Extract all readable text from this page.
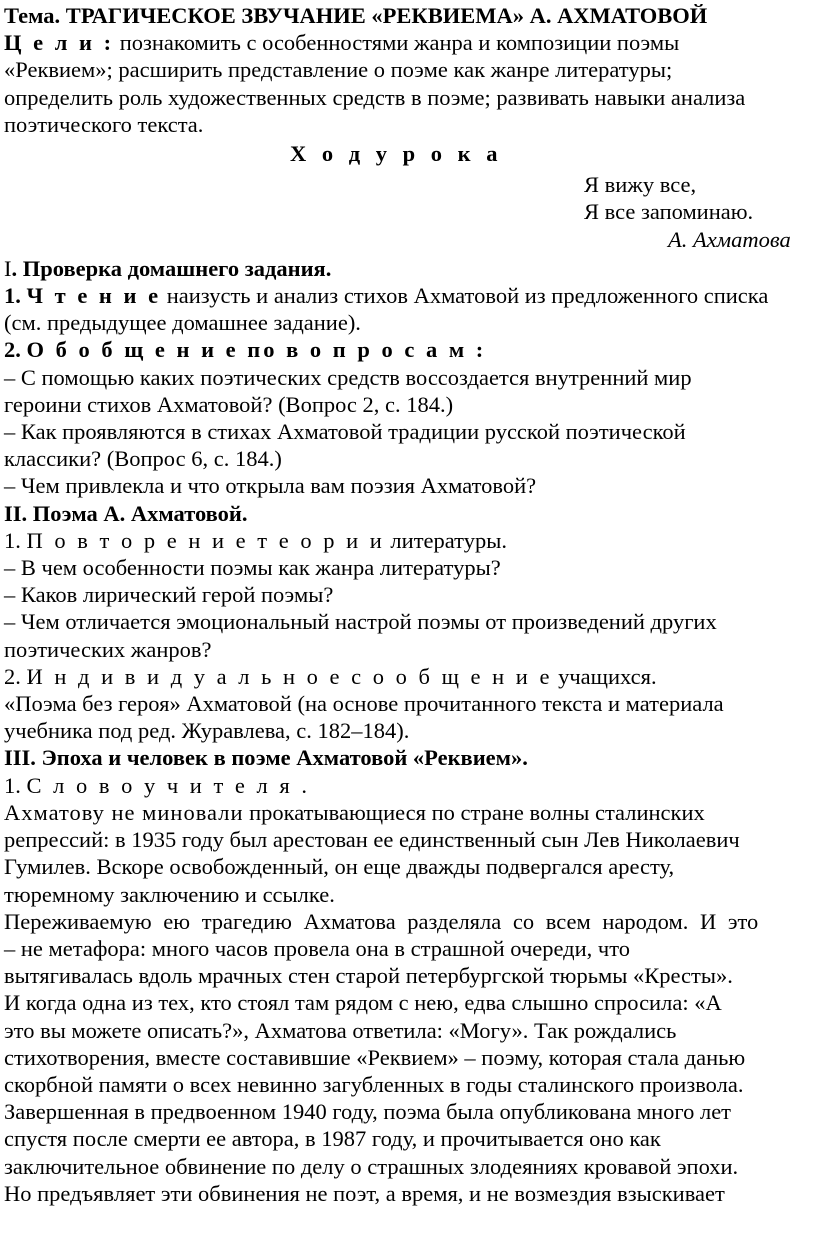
Тема. ТРАГИЧЕСКОЕ ЗВУЧАНИЕ «РЕКВИЕМА» А. АХМАТОВОЙ

Ц е л и : познакомить с особенностями жанра и композиции поэмы

«Реквием»; расширить представление о поэме как жанре литературы;

определить роль художественных средств в поэме; развивать навыки анализа

поэтического текста.

Х о д у р о к а

Я вижу все,

Я все запоминаю.

А. Ахматова

I. Проверка домашнего задания.

1. Ч т е н и е наизусть и анализ стихов Ахматовой из предложенного списка

(см. предыдущее домашнее задание).

2. О б о б щ е н и е по в о п р о с а м :

– С помощью каких поэтических средств воссоздается внутренний мир

героини стихов Ахматовой? (Вопрос 2, с. 184.)

– Как проявляются в стихах Ахматовой традиции русской поэтической

классики? (Вопрос 6, с. 184.)

– Чем привлекла и что открыла вам поэзия Ахматовой?

II. Поэма А. Ахматовой.

1. П о в т о р е н и е т е о р и и литературы.

– В чем особенности поэмы как жанра литературы?

– Каков лирический герой поэмы?

– Чем отличается эмоциональный настрой поэмы от произведений других

поэтических жанров?

2. И н д и в и д у а л ь н о е с о о б щ е н и е учащихся.

«Поэма без героя» Ахматовой (на основе прочитанного текста и материала

учебника под ред. Журавлева, с. 182–184).

III. Эпоха и человек в поэме Ахматовой «Реквием».

1. С л о в о у ч и т е л я .

Ахматову не миновали прокатывающиеся по стране волны сталинских

репрессий: в 1935 году был арестован ее единственный сын Лев Николаевич

Гумилев. Вскоре освобожденный, он еще дважды подвергался аресту,

тюремному заключению и ссылке.

Переживаемую ею трагедию Ахматова разделяла со всем народом. И это

– не метафора: много часов провела она в страшной очереди, что

вытягивалась вдоль мрачных стен старой петербургской тюрьмы «Кресты».

И когда одна из тех, кто стоял там рядом с нею, едва слышно спросила: «А

это вы можете описать?», Ахматова ответила: «Могу». Так рождались

стихотворения, вместе составившие «Реквием» – поэму, которая стала данью

скорбной памяти о всех невинно загубленных в годы сталинского произвола.

Завершенная в предвоенном 1940 году, поэма была опубликована много лет

спустя после смерти ее автора, в 1987 году, и прочитывается оно как

заключительное обвинение по делу о страшных злодеяниях кровавой эпохи.

Но предъявляет эти обвинения не поэт, а время, и не возмездия взыскивает
